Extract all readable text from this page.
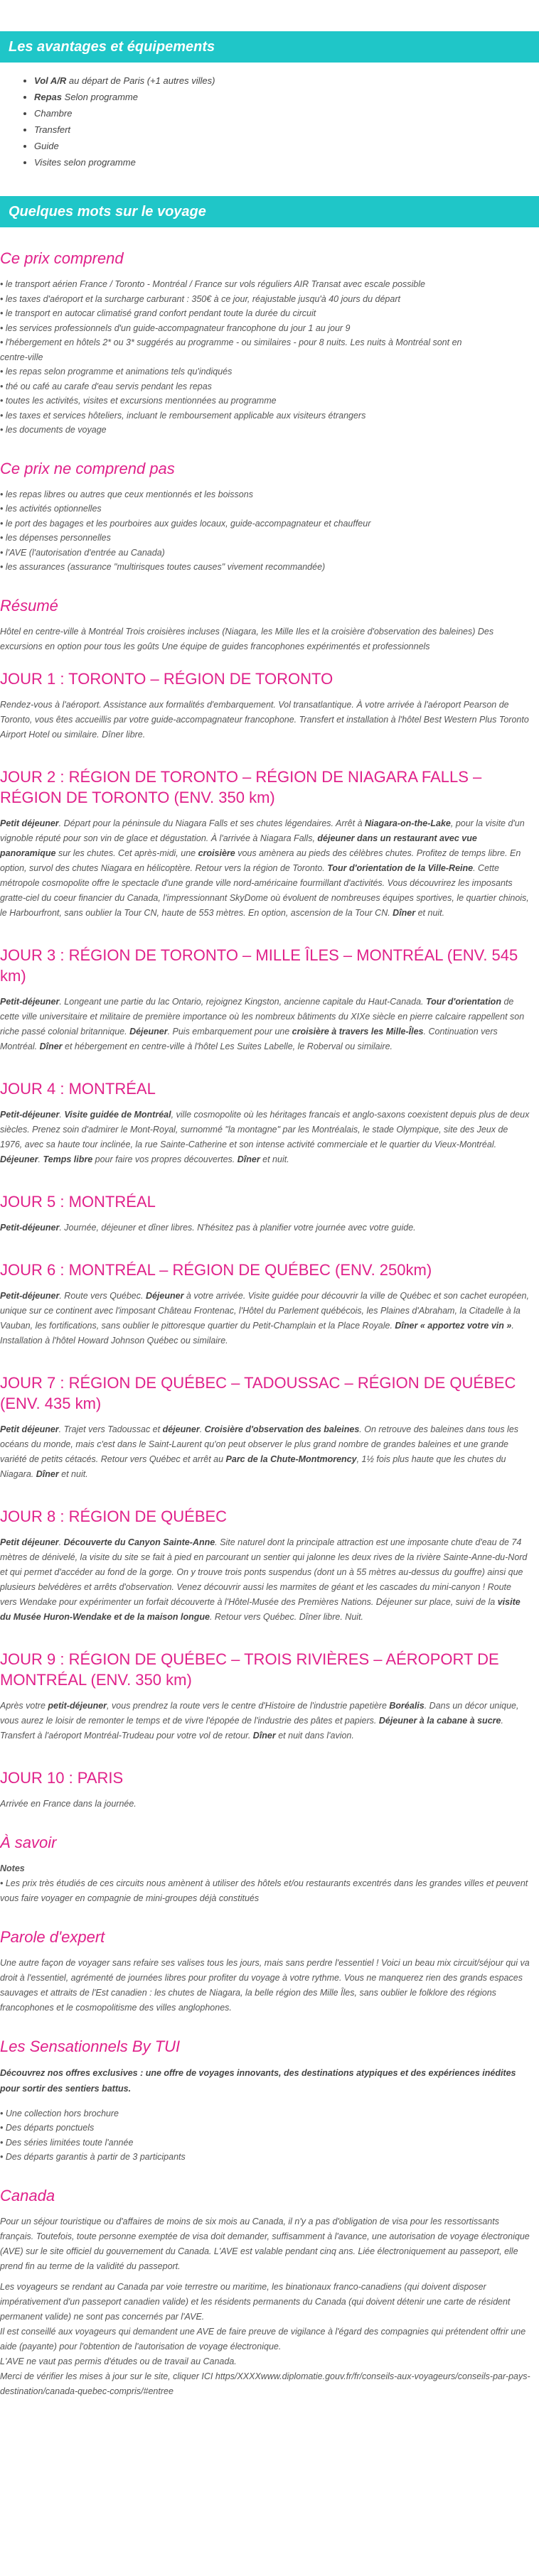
Les avantages et équipements
• Vol A/R au départ de Paris (+1 autres villes)
• Repas Selon programme
• Chambre
• Transfert
• Guide
• Visites selon programme
Quelques mots sur le voyage
Ce prix comprend
• le transport aérien France / Toronto - Montréal / France sur vols réguliers AIR Transat avec escale possible
• les taxes d'aéroport et la surcharge carburant : 350€ à ce jour, réajustable jusqu'à 40 jours du départ
• le transport en autocar climatisé grand confort pendant toute la durée du circuit
• les services professionnels d'un guide-accompagnateur francophone du jour 1 au jour 9
• l'hébergement en hôtels 2* ou 3* suggérés au programme - ou similaires - pour 8 nuits. Les nuits à Montréal sont en
centre-ville
• les repas selon programme et animations tels qu'indiqués
• thé ou café au carafe d'eau servis pendant les repas
• toutes les activités, visites et excursions mentionnées au programme
• les taxes et services hôteliers, incluant le remboursement applicable aux visiteurs étrangers
• les documents de voyage
Ce prix ne comprend pas
• les repas libres ou autres que ceux mentionnés et les boissons
• les activités optionnelles
• le port des bagages et les pourboires aux guides locaux, guide-accompagnateur et chauffeur
• les dépenses personnelles
• l'AVE (l'autorisation d'entrée au Canada)
• les assurances (assurance "multirisques toutes causes" vivement recommandée)
Résumé

Hôtel en centre-ville à Montréal Trois croisières incluses (Niagara, les Mille Iles et la croisière d'observation des baleines) Des excursions en option pour tous les goûts Une équipe de guides francophones expérimentés et professionnels

JOUR 1 : TORONTO – RÉGION DE TORONTO

Rendez-vous à l'aéroport. Assistance aux formalités d'embarquement. Vol transatlantique. À votre arrivée à l'aéroport Pearson de Toronto, vous êtes accueillis par votre guide-accompagnateur francophone. Transfert et installation à l'hôtel Best Western Plus Toronto Airport Hotel ou similaire. Dîner libre.

JOUR 2 : RÉGION DE TORONTO – RÉGION DE NIAGARA FALLS – RÉGION DE TORONTO (ENV. 350 km)

Petit déjeuner. Départ pour la péninsule du Niagara Falls et ses chutes légendaires. Arrêt à Niagara-on-the-Lake, pour la visite d'un vignoble réputé pour son vin de glace et dégustation. À l'arrivée à Niagara Falls, déjeuner dans un restaurant avec vue panoramique sur les chutes. Cet après-midi, une croisière vous amènera au pieds des célèbres chutes. Profitez de temps libre. En option, survol des chutes Niagara en hélicoptère. Retour vers la région de Toronto. Tour d'orientation de la Ville-Reine. Cette métropole cosmopolite offre le spectacle d'une grande ville nord-américaine fourmillant d'activités. Vous découvrirez les imposants gratte-ciel du coeur financier du Canada, l'impressionnant SkyDome où évoluent de nombreuses équipes sportives, le quartier chinois, le Harbourfront, sans oublier la Tour CN, haute de 553 mètres. En option, ascension de la Tour CN. Dîner et nuit.

JOUR 3 : RÉGION DE TORONTO – MILLE ÎLES – MONTRÉAL (ENV. 545 km)

Petit-déjeuner. Longeant une partie du lac Ontario, rejoignez Kingston, ancienne capitale du Haut-Canada. Tour d'orientation de cette ville universitaire et militaire de première importance où les nombreux bâtiments du XIXe siècle en pierre calcaire rappellent son riche passé colonial britannique. Déjeuner. Puis embarquement pour une croisière à travers les Mille-Îles. Continuation vers Montréal. Dîner et hébergement en centre-ville à l'hôtel Les Suites Labelle, le Roberval ou similaire.

JOUR 4 : MONTRÉAL

Petit-déjeuner. Visite guidée de Montréal, ville cosmopolite où les héritages francais et anglo-saxons coexistent depuis plus de deux siècles. Prenez soin d'admirer le Mont-Royal, surnommé "la montagne" par les Montréalais, le stade Olympique, site des Jeux de 1976, avec sa haute tour inclinée, la rue Sainte-Catherine et son intense activité commerciale et le quartier du Vieux-Montréal. Déjeuner. Temps libre pour faire vos propres découvertes. Dîner et nuit.

JOUR 5 : MONTRÉAL

Petit-déjeuner. Journée, déjeuner et dîner libres. N'hésitez pas à planifier votre journée avec votre guide.

JOUR 6 : MONTRÉAL – RÉGION DE QUÉBEC (ENV. 250km)

Petit-déjeuner. Route vers Québec. Déjeuner à votre arrivée. Visite guidée pour découvrir la ville de Québec et son cachet européen, unique sur ce continent avec l'imposant Château Frontenac, l'Hôtel du Parlement québécois, les Plaines d'Abraham, la Citadelle à la Vauban, les fortifications, sans oublier le pittoresque quartier du Petit-Champlain et la Place Royale. Dîner « apportez votre vin ». Installation à l'hôtel Howard Johnson Québec ou similaire.

JOUR 7 : RÉGION DE QUÉBEC – TADOUSSAC – RÉGION DE QUÉBEC (ENV. 435 km)

Petit déjeuner. Trajet vers Tadoussac et déjeuner. Croisière d'observation des baleines. On retrouve des baleines dans tous les océans du monde, mais c'est dans le Saint-Laurent qu'on peut observer le plus grand nombre de grandes baleines et une grande variété de petits cétacés. Retour vers Québec et arrêt au Parc de la Chute-Montmorency, 1½ fois plus haute que les chutes du Niagara. Dîner et nuit.

JOUR 8 : RÉGION DE QUÉBEC

Petit déjeuner. Découverte du Canyon Sainte-Anne. Site naturel dont la principale attraction est une imposante chute d'eau de 74 mètres de dénivelé, la visite du site se fait à pied en parcourant un sentier qui jalonne les deux rives de la rivière Sainte-Anne-du-Nord et qui permet d'accéder au fond de la gorge. On y trouve trois ponts suspendus (dont un à 55 mètres au-dessus du gouffre) ainsi que plusieurs belvédères et arrêts d'observation. Venez découvrir aussi les marmites de géant et les cascades du mini-canyon ! Route vers Wendake pour expérimenter un forfait découverte à l'Hôtel-Musée des Premières Nations. Déjeuner sur place, suivi de la visite du Musée Huron-Wendake et de la maison longue. Retour vers Québec. Dîner libre. Nuit.

JOUR 9 : RÉGION DE QUÉBEC – TROIS RIVIÈRES – AÉROPORT DE MONTRÉAL (ENV. 350 km)

Après votre petit-déjeuner, vous prendrez la route vers le centre d'Histoire de l'industrie papetière Boréalis. Dans un décor unique, vous aurez le loisir de remonter le temps et de vivre l'épopée de l'industrie des pâtes et papiers. Déjeuner à la cabane à sucre. Transfert à l'aéroport Montréal-Trudeau pour votre vol de retour. Dîner et nuit dans l'avion.

JOUR 10 : PARIS

Arrivée en France dans la journée.

À savoir

Notes

• Les prix très étudiés de ces circuits nous amènent à utiliser des hôtels et/ou restaurants excentrés dans les grandes villes et peuvent vous faire voyager en compagnie de mini-groupes déjà constitués

Parole d'expert

Une autre façon de voyager sans refaire ses valises tous les jours, mais sans perdre l'essentiel ! Voici un beau mix circuit/séjour qui va droit à l'essentiel, agrémenté de journées libres pour profiter du voyage à votre rythme. Vous ne manquerez rien des grands espaces sauvages et attraits de l'Est canadien : les chutes de Niagara, la belle région des Mille Îles, sans oublier le folklore des régions francophones et le cosmopolitisme des villes anglophones.

Les Sensationnels By TUI

Découvrez nos offres exclusives : une offre de voyages innovants, des destinations atypiques et des expériences inédites pour sortir des sentiers battus.

• Une collection hors brochure
• Des départs ponctuels
• Des séries limitées toute l'année
• Des départs garantis à partir de 3 participants
Canada

Pour un séjour touristique ou d'affaires de moins de six mois au Canada, il n'y a pas d'obligation de visa pour les ressortissants français. Toutefois, toute personne exemptée de visa doit demander, suffisamment à l'avance, une autorisation de voyage électronique (AVE) sur le site officiel du gouvernement du Canada. L'AVE est valable pendant cinq ans. Liée électroniquement au passeport, elle prend fin au terme de la validité du passeport.

Les voyageurs se rendant au Canada par voie terrestre ou maritime, les binationaux franco-canadiens (qui doivent disposer impérativement d'un passeport canadien valide) et les résidents permanents du Canada (qui doivent détenir une carte de résident permanent valide) ne sont pas concernés par l'AVE.

Il est conseillé aux voyageurs qui demandent une AVE de faire preuve de vigilance à l'égard des compagnies qui prétendent offrir une aide (payante) pour l'obtention de l'autorisation de voyage électronique.

L'AVE ne vaut pas permis d'études ou de travail au Canada.

Merci de vérifier les mises à jour sur le site, cliquer ICI https/XXXXwww.diplomatie.gouv.fr/fr/conseils-aux-voyageurs/conseils-par-pays-destination/canada-quebec-compris/#entree
